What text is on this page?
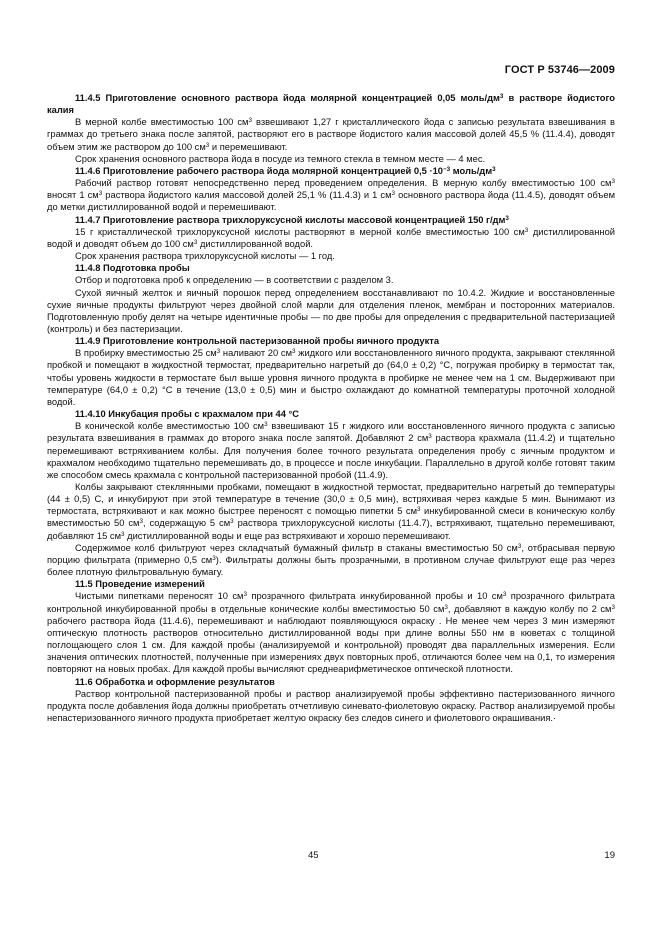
ГОСТ Р 53746—2009

11.4.5 Приготовление основного раствора йода молярной концентрацией 0,05 моль/$дм^3$ в растворе йодистого калия

В мерной колбе вместимостью 100 $см^3$ взвешивают 1,27 г кристаллического йода с записью результата взвешивания в граммах до третьего знака после запятой, растворяют его в растворе йодистого калия массовой долей 45,5 % (11.4.4), доводят объем этим же раствором до 100 $см^3$ и перемешивают.

Срок хранения основного раствора йода в посуде из темного стекла в темном месте — 4 мес.

11.4.6 Приготовление рабочего раствора йода молярной концентрацией $0,5 \cdot 10^{-3}$ моль/$дм^3$

Рабочий раствор готовят непосредственно перед проведением определения. В мерную колбу вместимостью 100 $см^3$ вносят 1 $см^3$ раствора йодистого калия массовой долей 25,1 % (11.4.3) и 1 $см^3$ основного раствора йода (11.4.5), доводят объем до метки дистиллированной водой и перемешивают.

11.4.7 Приготовление раствора трихлоруксусной кислоты массовой концентрацией 150 $г/дм^3$

15 г кристаллической трихлоруксусной кислоты растворяют в мерной колбе вместимостью 100 $см^3$ дистиллированной водой и доводят объем до 100 $см^3$ дистиллированной водой.

Срок хранения раствора трихлоруксусной кислоты — 1 год.

11.4.8 Подготовка пробы

Отбор и подготовка проб к определению — в соответствии с разделом 3.

Сухой яичный желток и яичный порошок перед определением восстанавливают по 10.4.2. Жидкие и восстановленные сухие яичные продукты фильтруют через двойной слой марли для отделения пленок, мембран и посторонних материалов. Подготовленную пробу делят на четыре идентичные пробы — по две пробы для определения с предварительной пастеризацией (контроль) и без пастеризации.

11.4.9 Приготовление контрольной пастеризованной пробы яичного продукта

В пробирку вместимостью 25 $см^3$ наливают 20 $см^3$ жидкого или восстановленного яичного продукта, закрывают стеклянной пробкой и помещают в жидкостной термостат, предварительно нагретый до (64,0 ± 0,2) °С, погружая пробирку в термостат так, чтобы уровень жидкости в термостате был выше уровня яичного продукта в пробирке не менее чем на 1 см. Выдерживают при температуре (64,0 ± 0,2) °С в течение (13,0 ± 0,5) мин и быстро охлаждают до комнатной температуры проточной холодной водой.

11.4.10 Инкубация пробы с крахмалом при 44 °С

В конической колбе вместимостью 100 $см^3$ взвешивают 15 г жидкого или восстановленного яичного продукта с записью результата взвешивания в граммах до второго знака после запятой. Добавляют 2 $см^3$ раствора крахмала (11.4.2) и тщательно перемешивают встряхиванием колбы. Для получения более точного результата определения пробу с яичным продуктом и крахмалом необходимо тщательно перемешивать до, в процессе и после инкубации. Параллельно в другой колбе готовят таким же способом смесь крахмала с контрольной пастеризованной пробой (11.4.9).

Колбы закрывают стеклянными пробками, помещают в жидкостной термостат, предварительно нагретый до температуры (44 ± 0,5) С, и инкубируют при этой температуре в течение (30,0 ± 0,5 мин), встряхивая через каждые 5 мин. Вынимают из термостата, встряхивают и как можно быстрее переносят с помощью пипетки 5 $см^3$ инкубированной смеси в коническую колбу вместимостью 50 $см^3$, содержащую 5 $см^3$ раствора трихлоруксусной кислоты (11.4.7), встряхивают, тщательно перемешивают, добавляют 15 $см^3$ дистиллированной воды и еще раз встряхивают и хорошо перемешивают.

Содержимое колб фильтруют через складчатый бумажный фильтр в стаканы вместимостью 50 $см^3$, отбрасывая первую порцию фильтрата (примерно 0,5 $см^3$). Фильтраты должны быть прозрачными, в противном случае фильтруют еще раз через более плотную фильтровальную бумагу.

11.5 Проведение измерений

Чистыми пипетками переносят 10 $см^3$ прозрачного фильтрата инкубированной пробы и 10 $см^3$ прозрачного фильтрата контрольной инкубированной пробы в отдельные конические колбы вместимостью 50 $см^3$, добавляют в каждую колбу по 2 $см^3$ рабочего раствора йода (11.4.6), перемешивают и наблюдают появляющуюся окраску . Не менее чем через 3 мин измеряют оптическую плотность растворов относительно дистиллированной воды при длине волны 550 нм в кюветах с толщиной поглощающего слоя 1 см. Для каждой пробы (анализируемой и контрольной) проводят два параллельных измерения. Если значения оптических плотностей, полученные при измерениях двух повторных проб, отличаются более чем на 0,1, то измерения повторяют на новых пробах. Для каждой пробы вычисляют среднеарифметическое оптической плотности.

11.6 Обработка и оформление результатов

Раствор контрольной пастеризованной пробы и раствор анализируемой пробы эффективно пастеризованного яичного продукта после добавления йода должны приобретать отчетливую синевато-фиолетовую окраску. Раствор анализируемой пробы непастеризованного яичного продукта приобретает желтую окраску без следов синего и фиолетового окрашивания.·

45	19
